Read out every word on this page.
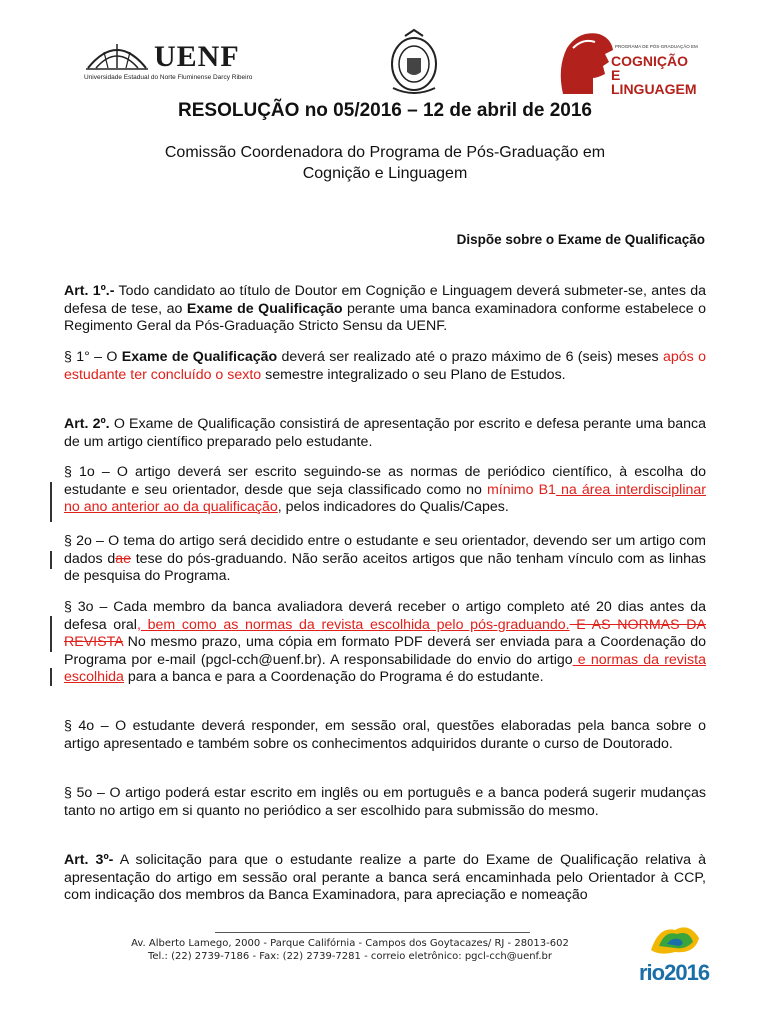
UENF
Universidade Estadual do Norte Fluminense Darcy Ribeiro
PROGRAMA DE PÓS-GRADUAÇÃO EM
COGNIÇÃO E
LINGUAGEM
RESOLUÇÃO no 05/2016 – 12 de abril de 2016
Comissão Coordenadora do Programa de Pós-Graduação em
Cognição e Linguagem
Dispõe sobre o Exame de Qualificação
Art. 1º.- Todo candidato ao título de Doutor em Cognição e Linguagem deverá submeter-se, antes da defesa de tese, ao Exame de Qualificação perante uma banca examinadora conforme estabelece o Regimento Geral da Pós-Graduação Stricto Sensu da UENF.
§ 1° – O Exame de Qualificação deverá ser realizado até o prazo máximo de 6 (seis) meses após o estudante ter concluído o sexto semestre integralizado o seu Plano de Estudos.
Art. 2º. O Exame de Qualificação consistirá de apresentação por escrito e defesa perante uma banca de um artigo científico preparado pelo estudante.
§ 1o – O artigo deverá ser escrito seguindo-se as normas de periódico científico, à escolha do estudante e seu orientador, desde que seja classificado como no mínimo B1 na área interdisciplinar no ano anterior ao da qualificação, pelos indicadores do Qualis/Capes.
§ 2o – O tema do artigo será decidido entre o estudante e seu orientador, devendo ser um artigo com dados dae tese do pós-graduando. Não serão aceitos artigos que não tenham vínculo com as linhas de pesquisa do Programa.
§ 3o – Cada membro da banca avaliadora deverá receber o artigo completo até 20 dias antes da defesa oral, bem como as normas da revista escolhida pelo pós-graduando. E AS NORMAS DA REVISTA No mesmo prazo, uma cópia em formato PDF deverá ser enviada para a Coordenação do Programa por e-mail (pgcl-cch@uenf.br). A responsabilidade do envio do artigo e normas da revista escolhida para a banca e para a Coordenação do Programa é do estudante.
§ 4o – O estudante deverá responder, em sessão oral, questões elaboradas pela banca sobre o artigo apresentado e também sobre os conhecimentos adquiridos durante o curso de Doutorado.
§ 5o – O artigo poderá estar escrito em inglês ou em português e a banca poderá sugerir mudanças tanto no artigo em si quanto no periódico a ser escolhido para submissão do mesmo.
Art. 3º- A solicitação para que o estudante realize a parte do Exame de Qualificação relativa à apresentação do artigo em sessão oral perante a banca será encaminhada pelo Orientador à CCP, com indicação dos membros da Banca Examinadora, para apreciação e nomeação
Av. Alberto Lamego, 2000 - Parque Califórnia - Campos dos Goytacazes/ RJ - 28013-602
Tel.: (22) 2739-7186 - Fax: (22) 2739-7281 - correio eletrônico: pgcl-cch@uenf.br
rio2016
